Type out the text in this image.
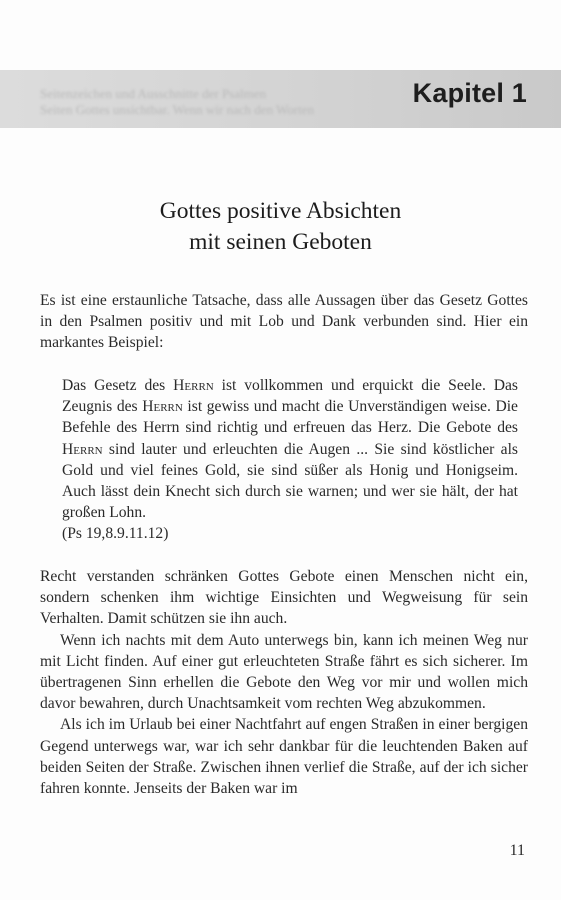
Seitenzeichen und Ausschnitte der Psalmen
Seiten Gottes unsichtbar. Wenn wir nach den Worten
Kapitel 1
Gottes positive Absichten
mit seinen Geboten

Es ist eine erstaunliche Tatsache, dass alle Aussagen über das Gesetz Gottes in den Psalmen positiv und mit Lob und Dank verbunden sind. Hier ein markantes Beispiel:

Das Gesetz des Herrn ist vollkommen und erquickt die Seele. Das Zeugnis des Herrn ist gewiss und macht die Unverständigen weise. Die Befehle des Herrn sind richtig und erfreuen das Herz. Die Gebote des Herrn sind lauter und erleuchten die Augen ... Sie sind köstlicher als Gold und viel feines Gold, sie sind süßer als Honig und Honigseim. Auch lässt dein Knecht sich durch sie warnen; und wer sie hält, der hat großen Lohn.

(Ps 19,8.9.11.12)

Recht verstanden schränken Gottes Gebote einen Menschen nicht ein, sondern schenken ihm wichtige Einsichten und Wegweisung für sein Verhalten. Damit schützen sie ihn auch.

Wenn ich nachts mit dem Auto unterwegs bin, kann ich meinen Weg nur mit Licht finden. Auf einer gut erleuchteten Straße fährt es sich sicherer. Im übertragenen Sinn erhellen die Gebote den Weg vor mir und wollen mich davor bewahren, durch Unachtsamkeit vom rechten Weg abzukommen.

Als ich im Urlaub bei einer Nachtfahrt auf engen Straßen in einer bergigen Gegend unterwegs war, war ich sehr dankbar für die leuchtenden Baken auf beiden Seiten der Straße. Zwischen ihnen verlief die Straße, auf der ich sicher fahren konnte. Jenseits der Baken war im

11
